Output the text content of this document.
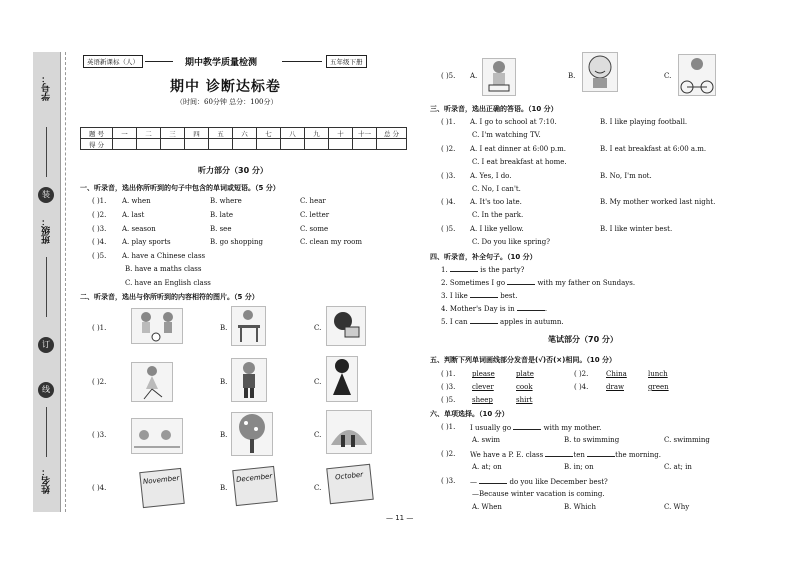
学号：
装
班级：
订
线
姓名：
英语新课标（人）	期中教学质量检测	五年级下册
期中 诊断达标卷
（时间：60分钟 总分：100分）
题 号	一	二	三	四	五	六	七	八	九	十	十一	总 分
得 分												
听力部分（30 分）
一、听录音，选出你所听到的句子中包含的单词或短语。（5 分）
( )1. A. when	B. where	C. hear
( )2. A. last	B. late	C. letter
( )3. A. season	B. see	C. some
( )4. A. play sports	B. go shopping	C. clean my room
( )5. A. have a Chinese class
B. have a maths class
C. have an English class
二、听录音，选出与你所听到的内容相符的图片。（5 分）
( )1.	B.	C.
( )2.	B.	C.
( )3.	B.	C.
( )4.	B.	C.
November	December	October
( )5. A.	B.	C.
三、听录音，选出正确的答语。（10 分）
( )1. A. I go to school at 7:10.	B. I like playing football.
C. I'm watching TV.
( )2. A. I eat dinner at 6:00 p.m.	B. I eat breakfast at 6:00 a.m.
C. I eat breakfast at home.
( )3. A. Yes, I do.	B. No, I'm not.
C. No, I can't.
( )4. A. It's too late.	B. My mother worked last night.
C. In the park.
( )5. A. I like yellow.	B. I like winter best.
C. Do you like spring?
四、听录音，补全句子。（10 分）
1.	is the party?
2. Sometimes I go	with my father on Sundays.
3. I like	best.
4. Mother's Day is in	.
5. I can	apples in autumn.
笔试部分（70 分）
五、判断下列单词画线部分发音是(√)否(×)相同。（10 分）
( )1. please	plate	( )2.	China	lunch
( )3. clever	cook	( )4.	draw	green
( )5. sheep	shirt
六、单项选择。（10 分）
( )1. I usually go	with my mother.
A. swim	B. to swimming	C. swimming
( )2. We have a P. E. class	ten	the morning.
A. at; on	B. in; on	C. at; in
( )3. —	do you like December best?
—Because winter vacation is coming.
A. When	B. Which	C. Why
— 11 —
